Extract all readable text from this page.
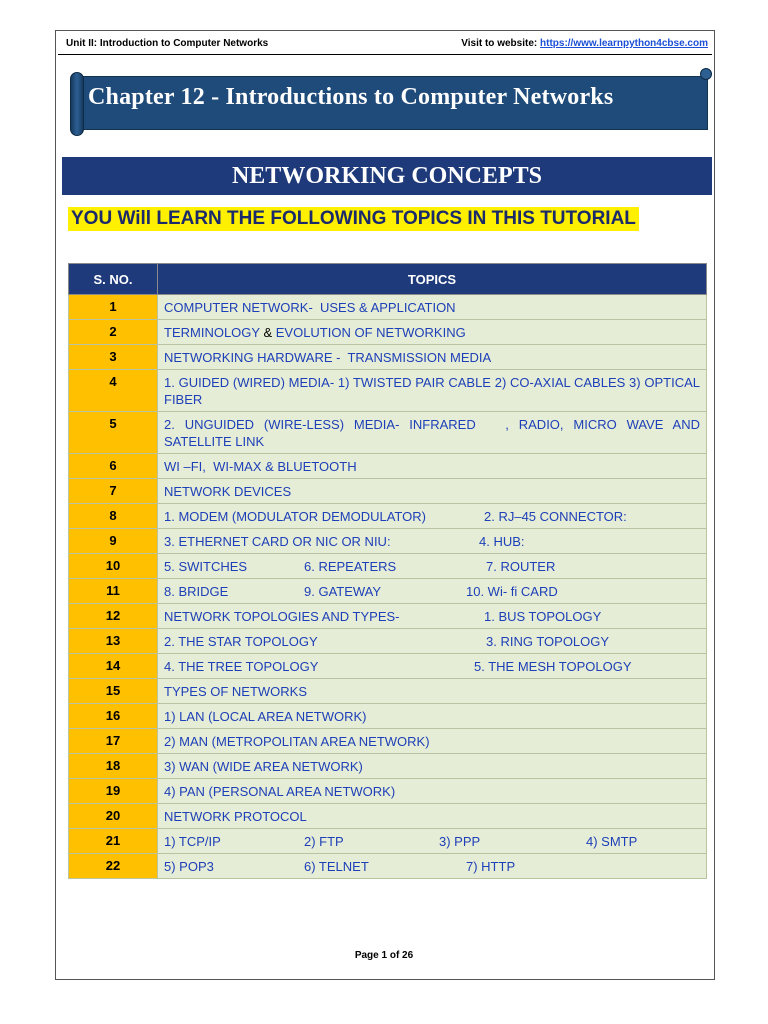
Unit II: Introduction to Computer Networks	Visit to website: https://www.learnpython4cbse.com
Chapter 12 - Introductions to Computer Networks
NETWORKING CONCEPTS
YOU Will LEARN THE FOLLOWING TOPICS IN THIS TUTORIAL
S. NO.	TOPICS
1	COMPUTER NETWORK-  USES & APPLICATION
2	TERMINOLOGY & EVOLUTION OF NETWORKING
3	NETWORKING HARDWARE -  TRANSMISSION MEDIA
4	1. GUIDED (WIRED) MEDIA- 1) TWISTED PAIR CABLE 2) CO-AXIAL CABLES 3) OPTICAL FIBER
5	2. UNGUIDED (WIRE-LESS) MEDIA- INFRARED   , RADIO, MICRO WAVE AND SATELLITE LINK
6	WI –FI,  WI-MAX & BLUETOOTH
7	NETWORK DEVICES
8	1. MODEM (MODULATOR DEMODULATOR) 2. RJ–45 CONNECTOR:

9	3. ETHERNET CARD OR NIC OR NIU: 4. HUB:

10	5. SWITCHES 6. REPEATERS 7. ROUTER

11	8. BRIDGE 9. GATEWAY 10. Wi- fi CARD

12	NETWORK TOPOLOGIES AND TYPES- 1. BUS TOPOLOGY

13	2. THE STAR TOPOLOGY 3. RING TOPOLOGY

14	4. THE TREE TOPOLOGY 5. THE MESH TOPOLOGY

15	TYPES OF NETWORKS
16	1) LAN (LOCAL AREA NETWORK)
17	2) MAN (METROPOLITAN AREA NETWORK)
18	3) WAN (WIDE AREA NETWORK)
19	4) PAN (PERSONAL AREA NETWORK)
20	NETWORK PROTOCOL
21	1) TCP/IP 2) FTP 3) PPP 4) SMTP

22	5) POP3 6) TELNET 7) HTTP
Page 1 of 26
